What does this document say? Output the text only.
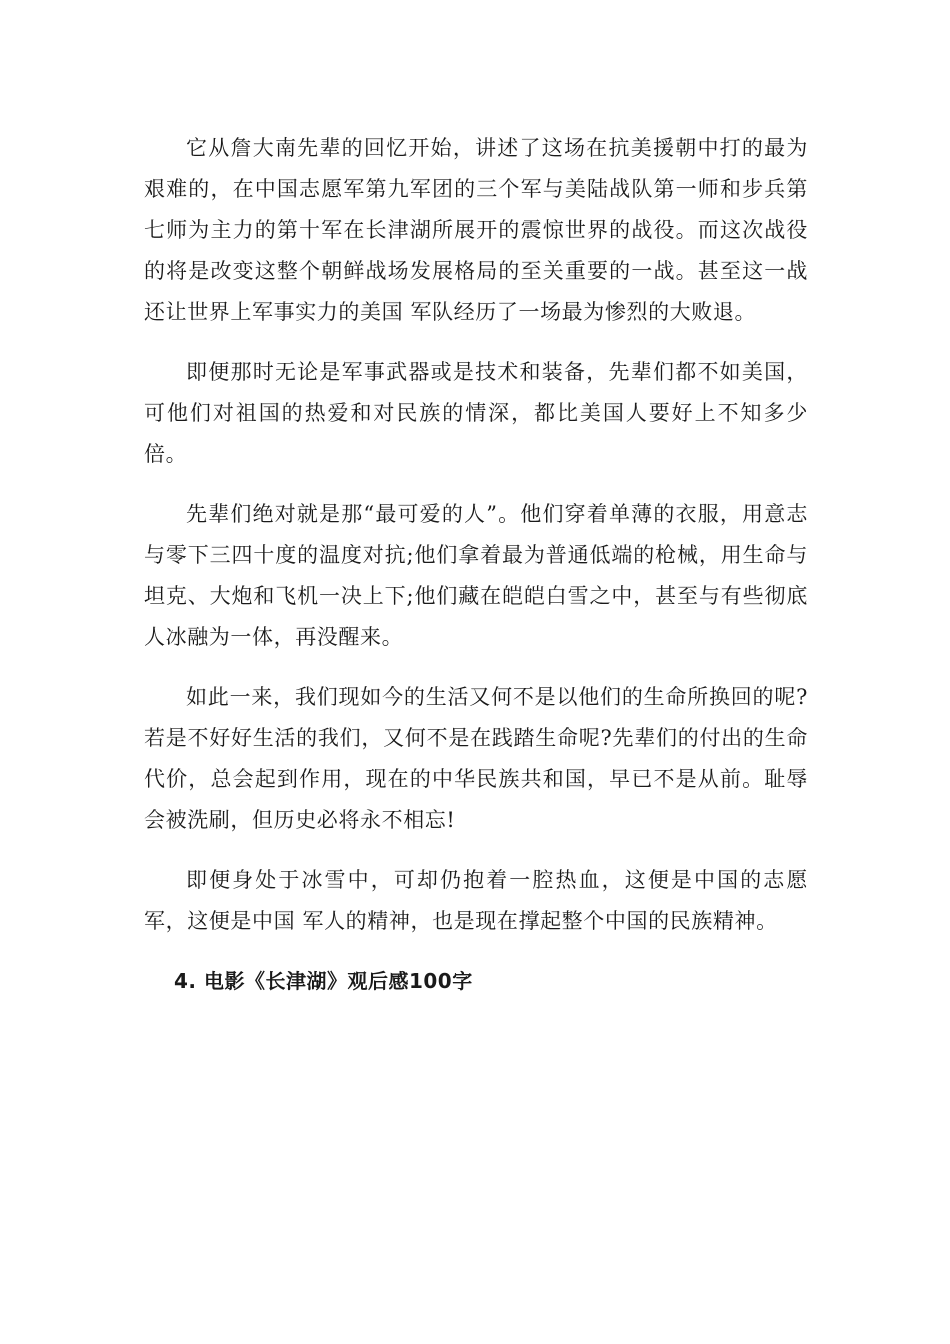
它从詹大南先辈的回忆开始，讲述了这场在抗美援朝中打的最为艰难的，在中国志愿军第九军团的三个军与美陆战队第一师和步兵第七师为主力的第十军在长津湖所展开的震惊世界的战役。而这次战役的将是改变这整个朝鲜战场发展格局的至关重要的一战。甚至这一战还让世界上军事实力的美国 军队经历了一场最为惨烈的大败退。

即便那时无论是军事武器或是技术和装备，先辈们都不如美国，可他们对祖国的热爱和对民族的情深，都比美国人要好上不知多少倍。

先辈们绝对就是那“最可爱的人”。他们穿着单薄的衣服，用意志与零下三四十度的温度对抗;他们拿着最为普通低端的枪械，用生命与坦克、大炮和飞机一决上下;他们藏在皑皑白雪之中，甚至与有些彻底人冰融为一体，再没醒来。

如此一来，我们现如今的生活又何不是以他们的生命所换回的呢?若是不好好生活的我们，又何不是在践踏生命呢?先辈们的付出的生命代价，总会起到作用，现在的中华民族共和国，早已不是从前。耻辱会被洗刷，但历史必将永不相忘!

即便身处于冰雪中，可却仍抱着一腔热血，这便是中国的志愿军，这便是中国 军人的精神，也是现在撑起整个中国的民族精神。

4. 电影《长津湖》观后感100字
